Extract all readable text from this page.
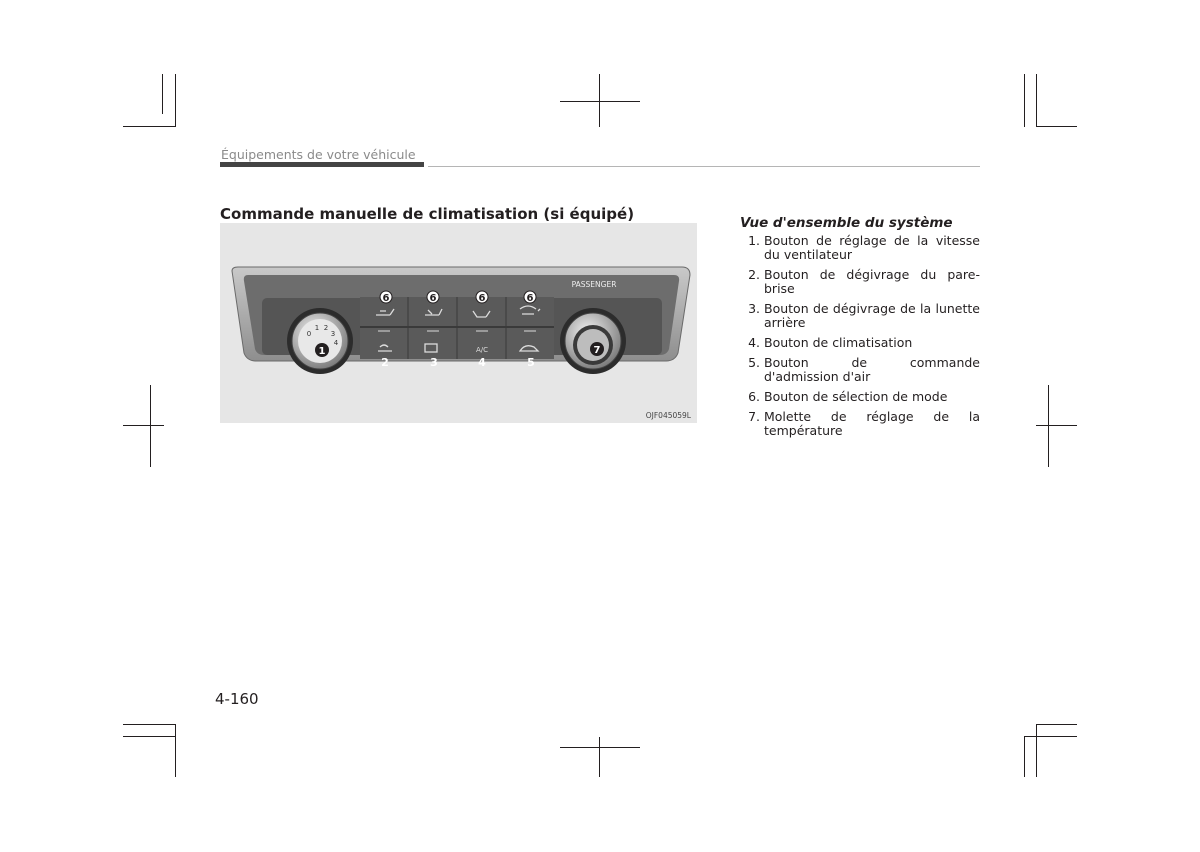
Équipements de votre véhicule
Commande manuelle de climatisation (si équipé)
6	6	6	6
A/C
2	3	4	5
PASSENGER
0
1 2
3
4
1	7
OJF045059L
Vue d'ensemble du système
1. Bouton de réglage de la vitesse du ventilateur
2. Bouton de dégivrage du pare-brise
3. Bouton de dégivrage de la lunette arrière
4. Bouton de climatisation
5. Bouton de commande d'admission d'air
6. Bouton de sélection de mode
7. Molette de réglage de la température
4-160
